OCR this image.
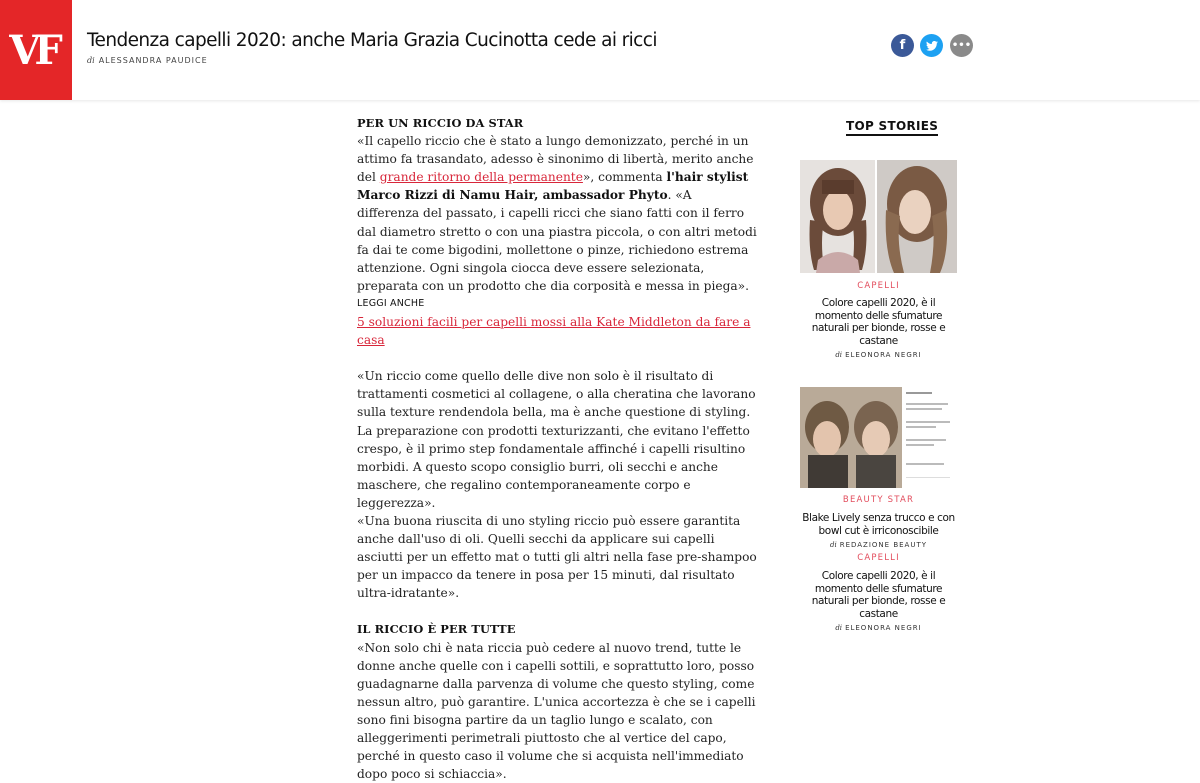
VF	Tendenza capelli 2020: anche Maria Grazia Cucinotta cede ai ricci
di ALESSANDRA PAUDICE
f	•••

PER UN RICCIO DA STAR

«Il capello riccio che è stato a lungo demonizzato, perché in un attimo fa trasandato, adesso è sinonimo di libertà, merito anche del grande ritorno della permanente», commenta l'hair stylist Marco Rizzi di Namu Hair, ambassador Phyto. «A differenza del passato, i capelli ricci che siano fatti con il ferro dal diametro stretto o con una piastra piccola, o con altri metodi fa dai te come bigodini, mollettone o pinze, richiedono estrema attenzione. Ogni singola ciocca deve essere selezionata, preparata con un prodotto che dia corposità e messa in piega».

LEGGI ANCHE

5 soluzioni facili per capelli mossi alla Kate Middleton da fare a casa

«Un riccio come quello delle dive non solo è il risultato di trattamenti cosmetici al collagene, o alla cheratina che lavorano sulla texture rendendola bella, ma è anche questione di styling. La preparazione con prodotti texturizzanti, che evitano l'effetto crespo, è il primo step fondamentale affinché i capelli risultino morbidi. A questo scopo consiglio burri, oli secchi e anche maschere, che regalino contemporaneamente corpo e leggerezza».

«Una buona riuscita di uno styling riccio può essere garantita anche dall'uso di oli. Quelli secchi da applicare sui capelli asciutti per un effetto mat o tutti gli altri nella fase pre-shampoo per un impacco da tenere in posa per 15 minuti, dal risultato ultra-idratante».

IL RICCIO È PER TUTTE

«Non solo chi è nata riccia può cedere al nuovo trend, tutte le donne anche quelle con i capelli sottili, e soprattutto loro, posso guadagnarne dalla parvenza di volume che questo styling, come nessun altro, può garantire. L'unica accortezza è che se i capelli sono fini bisogna partire da un taglio lungo e scalato, con alleggerimenti perimetrali piuttosto che al vertice del capo, perché in questo caso il volume che si acquista nell'immediato dopo poco si schiaccia».

TOP STORIES
CAPELLI
Colore capelli 2020, è il momento delle sfumature naturali per bionde, rosse e castane
di ELEONORA NEGRI
BEAUTY STAR
Blake Lively senza trucco e con bowl cut è irriconoscibile
di REDAZIONE BEAUTY
CAPELLI
Colore capelli 2020, è il momento delle sfumature naturali per bionde, rosse e castane
di ELEONORA NEGRI
